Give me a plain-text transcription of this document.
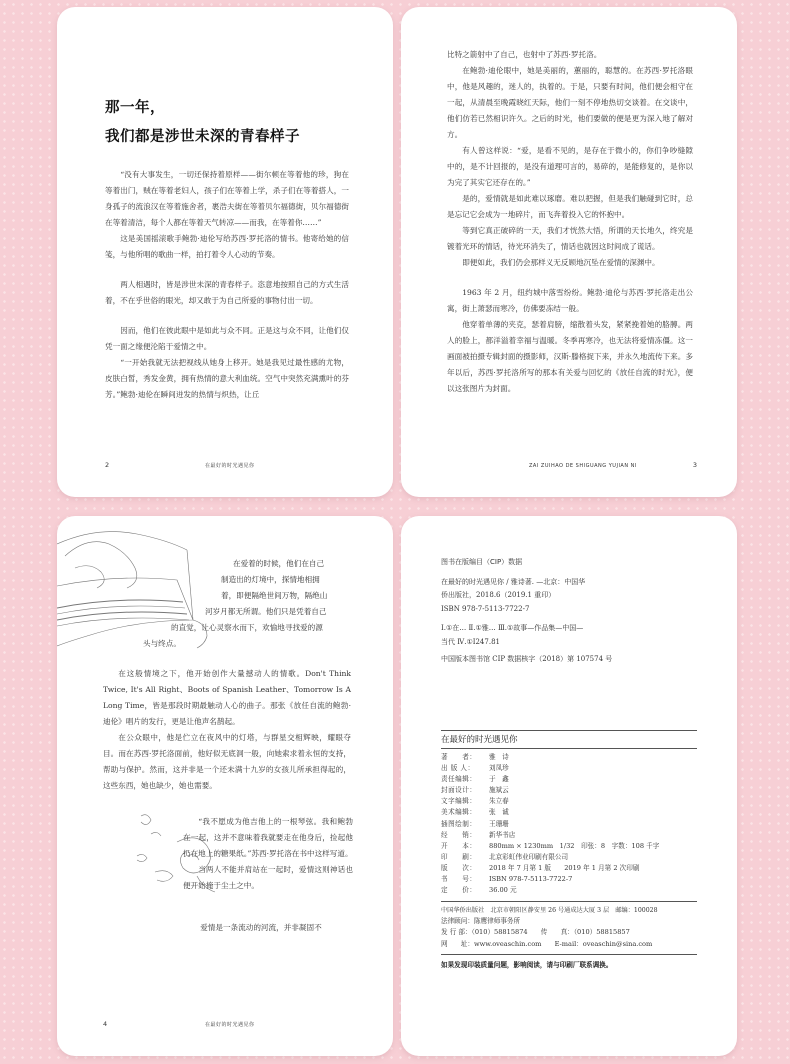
那一年，
我们都是涉世未深的青春样子

“没有大事发生，一切还保持着原样——街尔顿在等着他的珍，狗在等着出门，贼在等着老妇人，孩子们在等着上学，杀子们在等着搭人，一身孤子的流浪汉在等着施舍者，裹浩夫街在等着贝尔福德街，贝尔福德街在等着清洁，每个人都在等着天气转凉——而我，在等着你……”

这是美国摇滚歌手鲍勃·迪伦写给苏西·罗托洛的情书。他寄给她的信笺，与他所唱的歌曲一样，拍打着令人心动的节奏。

两人相遇时，皆是涉世未深的青春样子。恣意地按照自己的方式生活着，不在乎世俗的眼光，却又敢于为自己所爱的事物付出一切。

因而，他们在彼此眼中是如此与众不同。正是这与众不同，让他们仅凭一面之缘便沦陷于爱情之中。

“一开始我就无法把视线从她身上移开。她是我见过最性感的尤物，皮肤白皙，秀发金黄，拥有热情的意大利血统。空气中突然充满熏叶的芬芳。”鲍勃·迪伦在瞬间迸发的热情与炽热，让丘

2	在最好的时光遇见你

比特之箭射中了自己，也射中了苏西·罗托洛。

在鲍勃·迪伦眼中，她是美丽的，蕙丽的，聪慧的。在苏西·罗托洛眼中，他是风趣的，迷人的，执着的。于是，只要有时间，他们便会相守在一起，从清晨至晚霞晓红天际，他们一刻不停地热切交谈着。在交谈中，他们仿若已然相识许久。之后的时光，他们要做的便是更为深入地了解对方。

有人曾这样说：“爱，是看不见的，是存在于微小的，你们争吵缝隙中的，是不计回报的，是没有道理可言的，易碎的，是能修复的，是你以为完了其实它还存在的。”

是的，爱情就是如此难以琢磨。难以把握，但是我们触碰到它时，总是忘记它会成为一地碎片，而飞奔着投入它的怀抱中。

等到它真正破碎的一天，我们才恍然大悟，所谓的天长地久，终究是镀着光环的情话，待光环消失了，情话也就因这时间成了谎话。

即便如此，我们仍会那样义无反顾地沉坠在爱情的深渊中。

1963 年 2 月，纽约城中落雪纷纷。鲍勃·迪伦与苏西·罗托洛走出公寓，街上萧瑟而寒冷，仿佛要冻结一般。

他穿着单薄的夹克，瑟着肩膀，缩散着头发，紧紧挽着她的胳膊。两人的脸上，都洋溢着幸福与温暖。冬季再寒冷，也无法将爱情冻僵。这一画面被拍摄专辑封面的摄影师，汉斯·滕格捉下来，并永久地流传下来。多年以后，苏西·罗托洛所写的那本有关爱与回忆的《放任自流的时光》，便以这张图片为封面。

ZAI ZUIHAO DE SHIGUANG YUJIAN NI	3
在爱着的时候，他们在自己
制造出的灯境中，探情地相拥
着，即便隔绝世间万物，隔绝山
河岁月都无所谓。他们只是凭着自己
的直觉，让心灵察水而下，欢愉地寻找爱的源
头与终点。

在这般情境之下，他开始创作大量撼动人的情歌。Don't Think Twice, It's All Right、Boots of Spanish Leather、Tomorrow Is A Long Time，皆是那段时期最触动人心的曲子。那张《放任自流的鲍勃·迪伦》唱片的发行，更是让他声名鹊起。

在公众眼中，他是伫立在夜风中的灯塔，与群星交相辉映，耀眼夺目。而在苏西·罗托洛面前，他好似无底洞一般，向她索求着永恒的支持，帮助与保护。然而，这并非是一个还未满十九岁的女孩儿所承担得起的，这些东西，她也缺少，她也需要。

“我不愿成为他吉他上的一根琴弦。我和鲍勃在一起，这并不意味着我就要走在他身后，捡起他扔在地上的糖果纸。”苏西·罗托洛在书中这样写道。

当两人不能并肩站在一起时，爱情这则神话也便开始掩于尘土之中。

爱情是一条流动的河流，并非凝固不

4	在最好的时光遇见你
图书在版编目（CIP）数据
在最好的时光遇见你 / 雅诗著. —北京：中国华
侨出版社，2018.6（2019.1 重印）
ISBN 978-7-5113-7722-7
Ⅰ.①在… Ⅱ.①雅… Ⅲ.①故事—作品集—中国—
当代 Ⅳ.①I247.81
中国版本图书馆 CIP 数据核字（2018）第 107574 号
在最好的时光遇见你
著　　者：	雅　诗
出 版 人：	刘凤珍
责任编辑：	于　鑫
封面设计：	施斌云
文字编辑：	朱立春
美术编辑：	张　诚
插图绘制：	王珊珊
经　　销：	新华书店
开　　本：	880mm × 1230mm　1/32　印张：8　字数：108 千字
印　　刷：	北京彩虹伟业印刷有限公司
版　　次：	2018 年 7 月第 1 版　　2019 年 1 月第 2 次印刷
书　　号：	ISBN 978-7-5113-7722-7
定　　价：	36.00 元
中国华侨出版社　北京市朝阳区静安里 26 号通成达大厦 3 层　邮编：100028
法律顾问：陈鹰律师事务所
发 行 部：（010）58815874　　传　　真：（010）58815857
网　　址：www.oveaschin.com　　E-mail：oveaschin@sina.com
如果发现印装质量问题，影响阅读，请与印刷厂联系调换。
